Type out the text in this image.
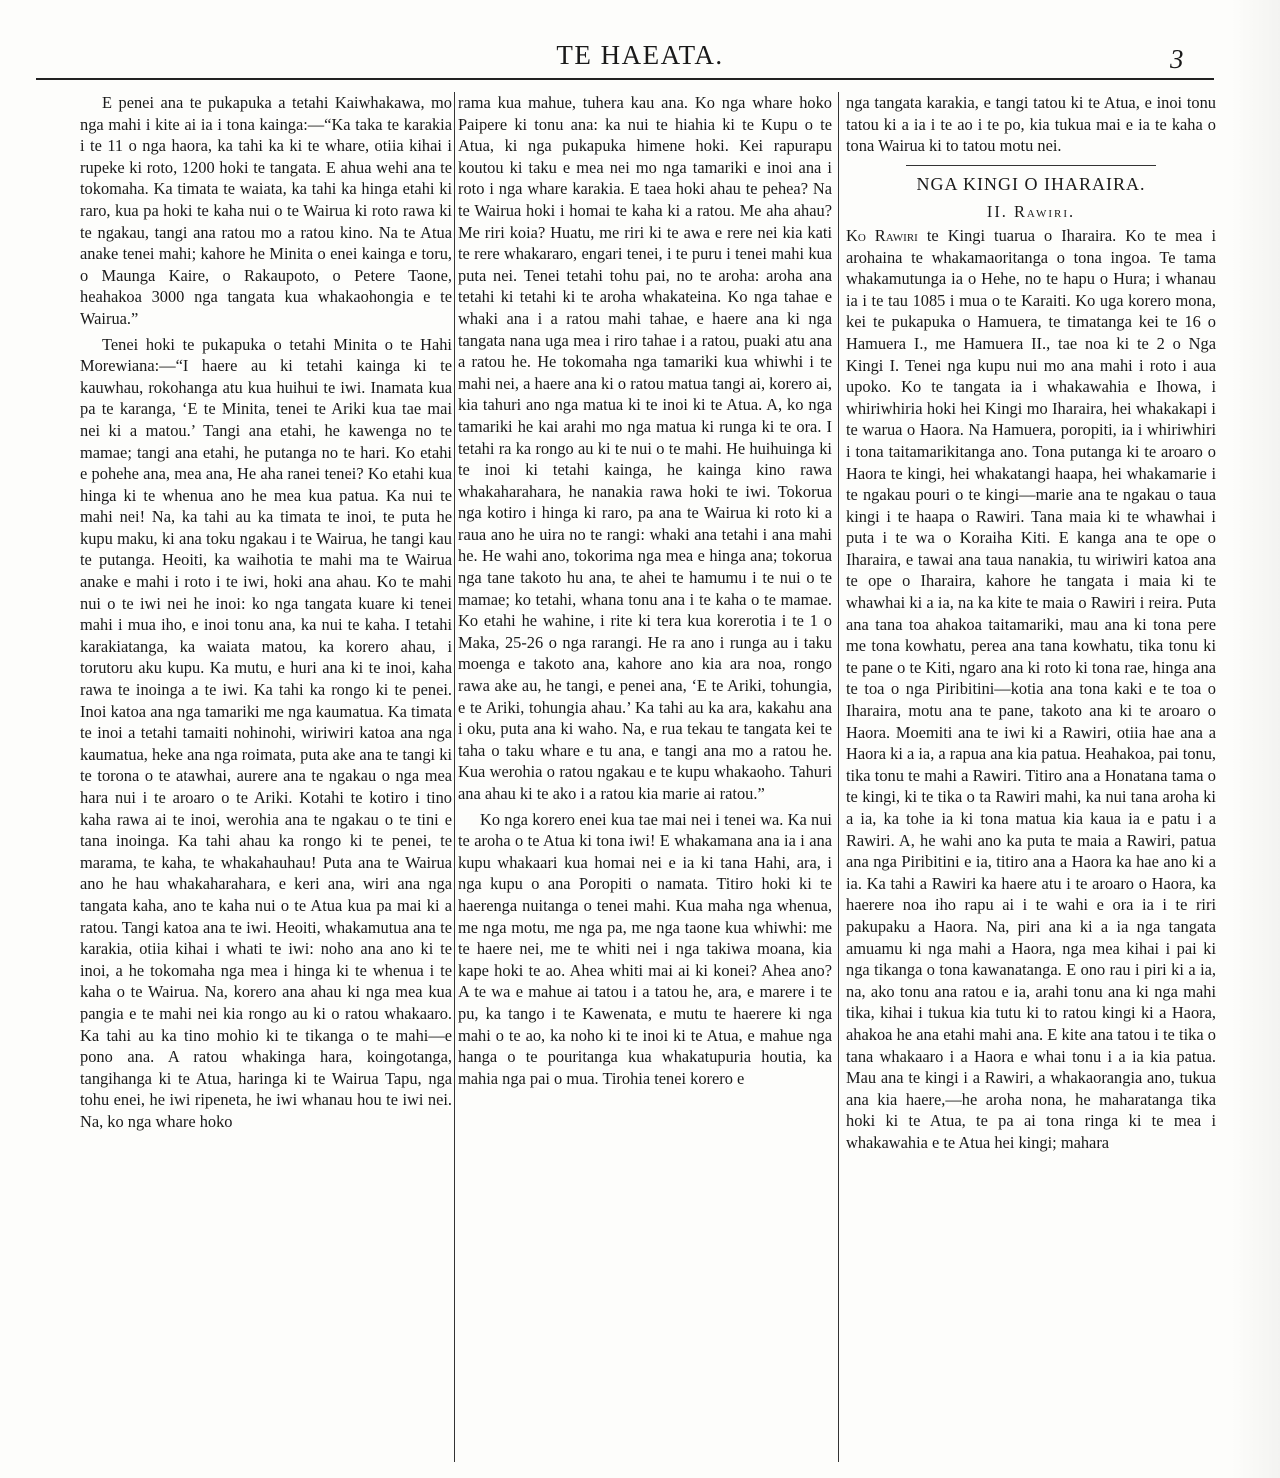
TE HAEATA.	3

E penei ana te pukapuka a tetahi Kaiwhakawa, mo nga mahi i kite ai ia i tona kainga:—“Ka taka te karakia i te 11 o nga haora, ka tahi ka ki te whare, otiia kihai i rupeke ki roto, 1200 hoki te tangata. E ahua wehi ana te tokomaha. Ka timata te waiata, ka tahi ka hinga etahi ki raro, kua pa hoki te kaha nui o te Wairua ki roto rawa ki te ngakau, tangi ana ratou mo a ratou kino. Na te Atua anake tenei mahi; kahore he Minita o enei kainga e toru, o Maunga Kaire, o Rakaupoto, o Petere Taone, heahakoa 3000 nga tangata kua whakaohongia e te Wairua.”

Tenei hoki te pukapuka o tetahi Minita o te Hahi Morewiana:—“I haere au ki tetahi kainga ki te kauwhau, rokohanga atu kua huihui te iwi. Inamata kua pa te karanga, ‘E te Minita, tenei te Ariki kua tae mai nei ki a matou.’ Tangi ana etahi, he kawenga no te mamae; tangi ana etahi, he putanga no te hari. Ko etahi e pohehe ana, mea ana, He aha ranei tenei? Ko etahi kua hinga ki te whenua ano he mea kua patua. Ka nui te mahi nei! Na, ka tahi au ka timata te inoi, te puta he kupu maku, ki ana toku ngakau i te Wairua, he tangi kau te putanga. Heoiti, ka waihotia te mahi ma te Wairua anake e mahi i roto i te iwi, hoki ana ahau. Ko te mahi nui o te iwi nei he inoi: ko nga tangata kuare ki tenei mahi i mua iho, e inoi tonu ana, ka nui te kaha. I tetahi karakiatanga, ka waiata matou, ka korero ahau, i torutoru aku kupu. Ka mutu, e huri ana ki te inoi, kaha rawa te inoinga a te iwi. Ka tahi ka rongo ki te penei. Inoi katoa ana nga tamariki me nga kaumatua. Ka timata te inoi a tetahi tamaiti nohinohi, wiriwiri katoa ana nga kaumatua, heke ana nga roimata, puta ake ana te tangi ki te torona o te atawhai, aurere ana te ngakau o nga mea hara nui i te aroaro o te Ariki. Kotahi te kotiro i tino kaha rawa ai te inoi, werohia ana te ngakau o te tini e tana inoinga. Ka tahi ahau ka rongo ki te penei, te marama, te kaha, te whakahauhau! Puta ana te Wairua ano he hau whakaharahara, e keri ana, wiri ana nga tangata kaha, ano te kaha nui o te Atua kua pa mai ki a ratou. Tangi katoa ana te iwi. Heoiti, whakamutua ana te karakia, otiia kihai i whati te iwi: noho ana ano ki te inoi, a he tokomaha nga mea i hinga ki te whenua i te kaha o te Wairua. Na, korero ana ahau ki nga mea kua pangia e te mahi nei kia rongo au ki o ratou whakaaro. Ka tahi au ka tino mohio ki te tikanga o te mahi—e pono ana. A ratou whakinga hara, koingotanga, tangihanga ki te Atua, haringa ki te Wairua Tapu, nga tohu enei, he iwi ripeneta, he iwi whanau hou te iwi nei. Na, ko nga whare hoko

rama kua mahue, tuhera kau ana. Ko nga whare hoko Paipere ki tonu ana: ka nui te hiahia ki te Kupu o te Atua, ki nga pukapuka himene hoki. Kei rapurapu koutou ki taku e mea nei mo nga tamariki e inoi ana i roto i nga whare karakia. E taea hoki ahau te pehea? Na te Wairua hoki i homai te kaha ki a ratou. Me aha ahau? Me riri koia? Huatu, me riri ki te awa e rere nei kia kati te rere whakararo, engari tenei, i te puru i tenei mahi kua puta nei. Tenei tetahi tohu pai, no te aroha: aroha ana tetahi ki tetahi ki te aroha whakateina. Ko nga tahae e whaki ana i a ratou mahi tahae, e haere ana ki nga tangata nana uga mea i riro tahae i a ratou, puaki atu ana a ratou he. He tokomaha nga tamariki kua whiwhi i te mahi nei, a haere ana ki o ratou matua tangi ai, korero ai, kia tahuri ano nga matua ki te inoi ki te Atua. A, ko nga tamariki he kai arahi mo nga matua ki runga ki te ora. I tetahi ra ka rongo au ki te nui o te mahi. He huihuinga ki te inoi ki tetahi kainga, he kainga kino rawa whakaharahara, he nanakia rawa hoki te iwi. Tokorua nga kotiro i hinga ki raro, pa ana te Wairua ki roto ki a raua ano he uira no te rangi: whaki ana tetahi i ana mahi he. He wahi ano, tokorima nga mea e hinga ana; tokorua nga tane takoto hu ana, te ahei te hamumu i te nui o te mamae; ko tetahi, whana tonu ana i te kaha o te mamae. Ko etahi he wahine, i rite ki tera kua korerotia i te 1 o Maka, 25-26 o nga rarangi. He ra ano i runga au i taku moenga e takoto ana, kahore ano kia ara noa, rongo rawa ake au, he tangi, e penei ana, ‘E te Ariki, tohungia, e te Ariki, tohungia ahau.’ Ka tahi au ka ara, kakahu ana i oku, puta ana ki waho. Na, e rua tekau te tangata kei te taha o taku whare e tu ana, e tangi ana mo a ratou he. Kua werohia o ratou ngakau e te kupu whakaoho. Tahuri ana ahau ki te ako i a ratou kia marie ai ratou.”

Ko nga korero enei kua tae mai nei i tenei wa. Ka nui te aroha o te Atua ki tona iwi! E whakamana ana ia i ana kupu whakaari kua homai nei e ia ki tana Hahi, ara, i nga kupu o ana Poropiti o namata. Titiro hoki ki te haerenga nuitanga o tenei mahi. Kua maha nga whenua, me nga motu, me nga pa, me nga taone kua whiwhi: me te haere nei, me te whiti nei i nga takiwa moana, kia kape hoki te ao. Ahea whiti mai ai ki konei? Ahea ano? A te wa e mahue ai tatou i a tatou he, ara, e marere i te pu, ka tango i te Kawenata, e mutu te haerere ki nga mahi o te ao, ka noho ki te inoi ki te Atua, e mahue nga hanga o te pouritanga kua whakatupuria houtia, ka mahia nga pai o mua. Tirohia tenei korero e

nga tangata karakia, e tangi tatou ki te Atua, e inoi tonu tatou ki a ia i te ao i te po, kia tukua mai e ia te kaha o tona Wairua ki to tatou motu nei.

NGA KINGI O IHARAIRA.
II. Rawiri.

Ko Rawiri te Kingi tuarua o Iharaira. Ko te mea i arohaina te whakamaoritanga o tona ingoa. Te tama whakamutunga ia o Hehe, no te hapu o Hura; i whanau ia i te tau 1085 i mua o te Karaiti. Ko uga korero mona, kei te pukapuka o Hamuera, te timatanga kei te 16 o Hamuera I., me Hamuera II., tae noa ki te 2 o Nga Kingi I. Tenei nga kupu nui mo ana mahi i roto i aua upoko. Ko te tangata ia i whakawahia e Ihowa, i whiriwhiria hoki hei Kingi mo Iharaira, hei whakakapi i te warua o Haora. Na Hamuera, poropiti, ia i whiriwhiri i tona taitamarikitanga ano. Tona putanga ki te aroaro o Haora te kingi, hei whakatangi haapa, hei whakamarie i te ngakau pouri o te kingi—marie ana te ngakau o taua kingi i te haapa o Rawiri. Tana maia ki te whawhai i puta i te wa o Koraiha Kiti. E kanga ana te ope o Iharaira, e tawai ana taua nanakia, tu wiriwiri katoa ana te ope o Iharaira, kahore he tangata i maia ki te whawhai ki a ia, na ka kite te maia o Rawiri i reira. Puta ana tana toa ahakoa taitamariki, mau ana ki tona pere me tona kowhatu, perea ana tana kowhatu, tika tonu ki te pane o te Kiti, ngaro ana ki roto ki tona rae, hinga ana te toa o nga Piribitini—kotia ana tona kaki e te toa o Iharaira, motu ana te pane, takoto ana ki te aroaro o Haora. Moemiti ana te iwi ki a Rawiri, otiia hae ana a Haora ki a ia, a rapua ana kia patua. Heahakoa, pai tonu, tika tonu te mahi a Rawiri. Titiro ana a Honatana tama o te kingi, ki te tika o ta Rawiri mahi, ka nui tana aroha ki a ia, ka tohe ia ki tona matua kia kaua ia e patu i a Rawiri. A, he wahi ano ka puta te maia a Rawiri, patua ana nga Piribitini e ia, titiro ana a Haora ka hae ano ki a ia. Ka tahi a Rawiri ka haere atu i te aroaro o Haora, ka haerere noa iho rapu ai i te wahi e ora ia i te riri pakupaku a Haora. Na, piri ana ki a ia nga tangata amuamu ki nga mahi a Haora, nga mea kihai i pai ki nga tikanga o tona kawanatanga. E ono rau i piri ki a ia, na, ako tonu ana ratou e ia, arahi tonu ana ki nga mahi tika, kihai i tukua kia tutu ki to ratou kingi ki a Haora, ahakoa he ana etahi mahi ana. E kite ana tatou i te tika o tana whakaaro i a Haora e whai tonu i a ia kia patua. Mau ana te kingi i a Rawiri, a whakaorangia ano, tukua ana kia haere,—he aroha nona, he maharatanga tika hoki ki te Atua, te pa ai tona ringa ki te mea i whakawahia e te Atua hei kingi; mahara
